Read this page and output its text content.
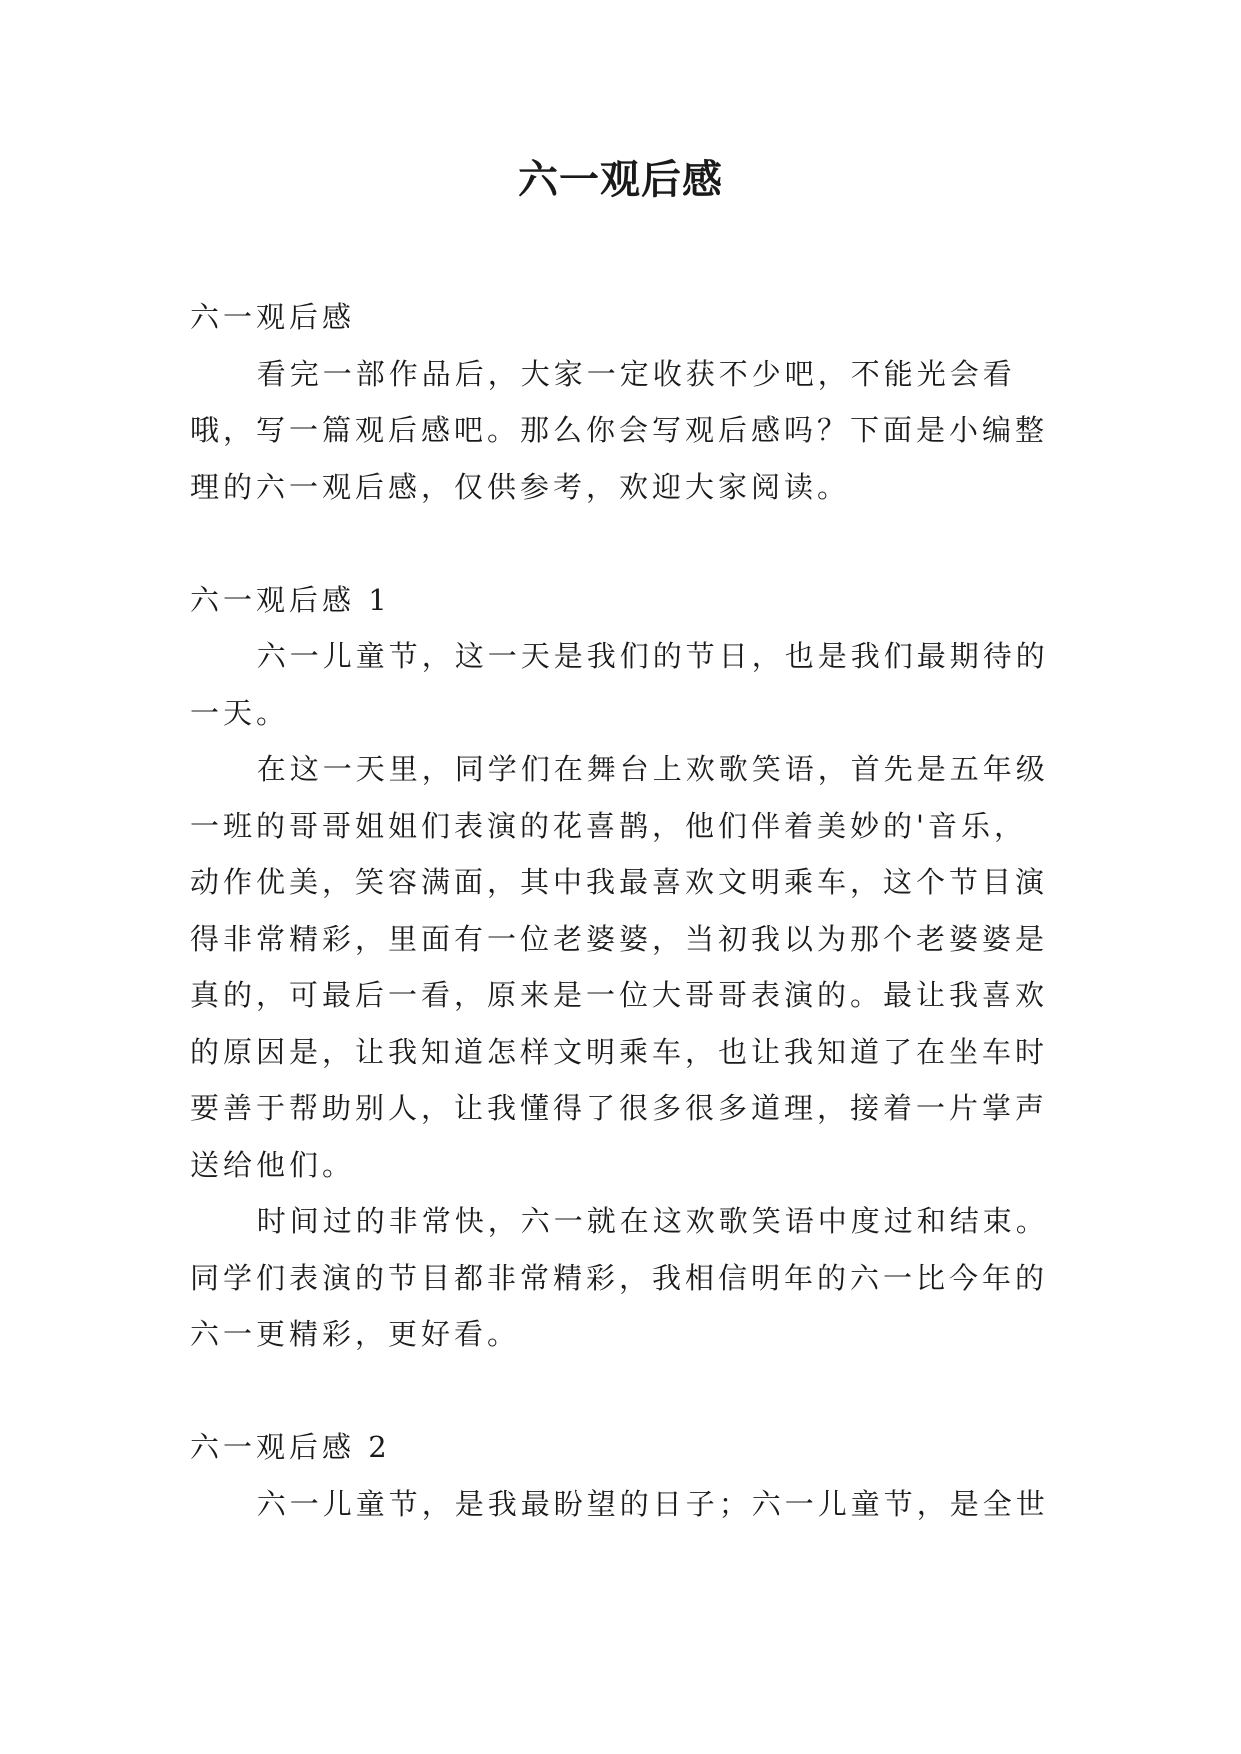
六一观后感

六一观后感

看完一部作品后，大家一定收获不少吧，不能光会看哦，写一篇观后感吧。那么你会写观后感吗？下面是小编整理的六一观后感，仅供参考，欢迎大家阅读。

六一观后感 1

六一儿童节，这一天是我们的节日，也是我们最期待的一天。

在这一天里，同学们在舞台上欢歌笑语，首先是五年级一班的哥哥姐姐们表演的花喜鹊，他们伴着美妙的'音乐，动作优美，笑容满面，其中我最喜欢文明乘车，这个节目演得非常精彩，里面有一位老婆婆，当初我以为那个老婆婆是真的，可最后一看，原来是一位大哥哥表演的。最让我喜欢的原因是，让我知道怎样文明乘车，也让我知道了在坐车时要善于帮助别人，让我懂得了很多很多道理，接着一片掌声送给他们。

时间过的非常快，六一就在这欢歌笑语中度过和结束。同学们表演的节目都非常精彩，我相信明年的六一比今年的六一更精彩，更好看。

六一观后感 2

六一儿童节，是我最盼望的日子；六一儿童节，是全世
